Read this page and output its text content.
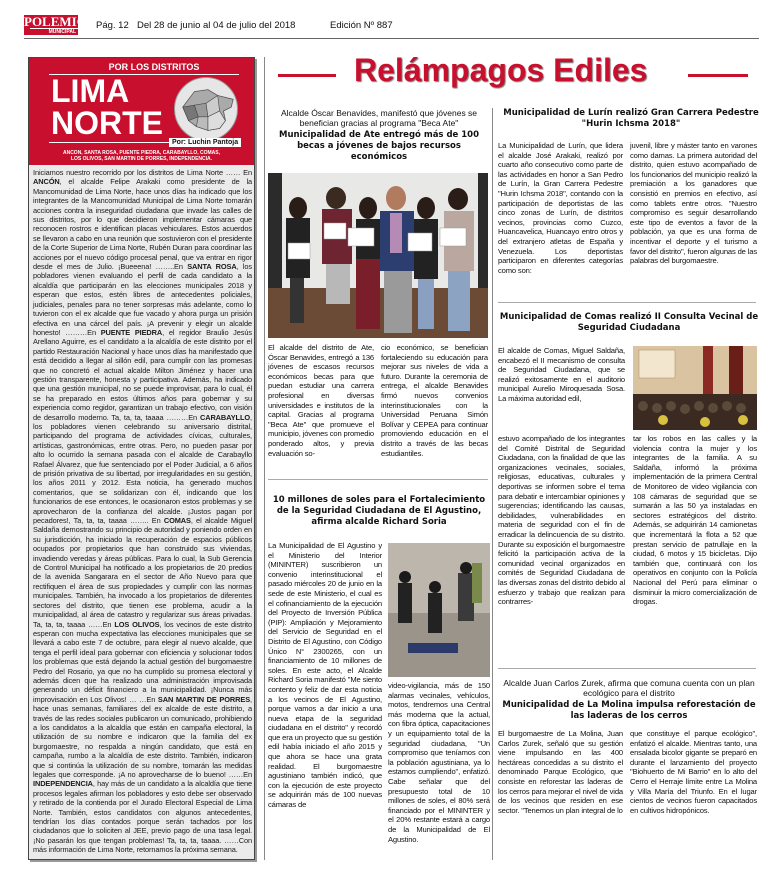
POLEMICA
MUNICIPAL
Pág. 12 Del 28 de junio al 04 de julio del 2018	Edición Nº 887
POR LOS DISTRITOS
LIMA
NORTE
Por: Luchin Pantoja
ANCON, SANTA ROSA, PUENTE PIEDRA, CARABAYLLO, COMAS,
LOS OLIVOS, SAN MARTIN DE PORRES, INDEPENDENCIA.
Iniciamos nuestro recorrido por los distritos de Lima Norte …… En ANCÓN, el alcalde Felipe Arakaki como presidente de la Mancomunidad de Lima Norte, hace unos días ha indicado que los integrantes de la Mancomunidad Municipal de Lima Norte tomarán acciones contra la inseguridad ciudadana que invade las calles de sus distritos, por lo que decidieron implementar cámaras que reconocen rostros e identifican placas vehiculares. Estos acuerdos se llevaron a cabo en una reunión que sostuvieron con el presidente de la Corte Superior de Lima Norte, Rubén Duran para coordinar las acciones por el nuevo código procesal penal, que va entrar en rigor desde el mes de Julio. ¡Bueeena! ……..En SANTA ROSA, los pobladores vienen evaluando el perfil de cada candidato a la alcaldía que participarán en las elecciones municipales 2018 y esperan que estos, estén libres de antecedentes policiales, judiciales, penales para no tener sorpresas más adelante, como lo tuvieron con el ex alcalde que fue vacado y ahora purga un prisión efectiva en una cárcel del país. ¡A prevenir y elegir un alcalde honesto! ………En PUENTE PIEDRA, el regidor Braulio Jesús Arellano Aguirre, es el candidato a la alcaldía de este distrito por el partido Restauración Nacional y hace unos días ha manifestado que está decidido a llegar al sillón edil, para cumplir con las promesas que no concretó el actual alcalde Milton Jiménez y hacer una gestión transparente, honesta y participativa. Además, ha indicado que una gestión municipal, no se puede improvisar, para lo cual, él se ha preparado en estos últimos años para gobernar y su experiencia como regidor, garantizan un trabajo efectivo, con visión de desarrollo moderno. Ta, ta, ta, taaaa ………En CARABAYLLO, los pobladores vienen celebrando su aniversario distrital, participando del programa de actividades cívicas, culturales, artísticas, gastronómicas, entre otras. Pero, no pueden pasar por alto lo ocurrido la semana pasada con el alcalde de Carabayllo Rafael Álvarez, que fue sentenciado por el Poder Judicial, a 6 años de prisión privativa de su libertad, por irregularidades en su gestión, los años 2011 y 2012. Esta noticia, ha generado muchos comentarios, que se solidarizan con él, indicando que los funcionarios de ese entonces, le ocasionaron estos problemas y se aprovecharon de la confianza del alcalde. ¡Justos pagan por pecadores!, Ta, ta, ta, taaaa …….. En COMAS, el alcalde Miguel Saldaña demostrando su principio de autoridad y poniendo orden en su jurisdicción, ha iniciado la recuperación de espacios públicos ocupados por propietarios que han construido sus viviendas, invadiendo veredas y áreas públicas. Para lo cual, la Sub Gerencia de Control Municipal ha notificado a los propietarios de 20 predios de la avenida Sangarara en el sector de Año Nuevo para que rectifiquen el área de sus propiedades y cumplir con las normas municipales. También, ha invocado a los propietarios de diferentes sectores del distrito, que tienen ese problema, acudir a la municipalidad, al área de catastro y regularizar sus áreas privadas. Ta, ta, ta, taaaa ……En LOS OLIVOS, los vecinos de este distrito esperan con mucha expectativa las elecciones municipales que se llevará a cabo este 7 de octubre, para elegir al nuevo alcalde, que tenga el perfil ideal para gobernar con eficiencia y solucionar todos los problemas que está dejando la actual gestión del burgomaestre Pedro del Rosario, ya que no ha cumplido su promesa electoral y además dicen que ha realizado una administración improvisada generando un déficit financiero a la municipalidad. ¡Nunca más improvisación en Los Olivos! … …En SAN MARTIN DE PORRES, hace unas semanas, familiares del ex alcalde de este distrito, a través de las redes sociales publicaron un comunicado, prohibiendo a los candidatos a la alcaldía que están en campaña electoral, la utilización de su nombre e indicaron que la familia del ex burgomaestre, no respalda a ningún candidato, que está en campaña, rumbo a la alcaldía de este distrito. También, indicaron que si continúa la utilización de su nombre, tomarán las medidas legales que corresponde. ¡A no aprovecharse de lo bueno! ……En INDEPENDENCIA, hay más de un candidato a la alcaldía que tiene procesos legales afirman los pobladores y esto debe ser observado y retirado de la contienda por el Jurado Electoral Especial de Lima Norte. También, estos candidatos con algunos antecedentes, tendrían los días contados porque serán tachados por los ciudadanos que lo soliciten al JEE, previo pago de una tasa legal. ¡No pasarán los que tengan problemas! Ta, ta, ta, taaaa. ……Con más información de Lima Norte, retornamos la próxima semana.
Relámpagos Ediles
Alcalde Óscar Benavides, manifestó que jóvenes se benefician gracias al programa "Beca Ate"
Municipalidad de Ate entregó más de 100 becas a jóvenes de bajos recursos económicos
El alcalde del distrito de Ate, Óscar Benavides, entregó a 136 jóvenes de escasos recursos económicos becas para que puedan estudiar una carrera profesional en diversas universidades e institutos de la capital. Gracias al programa "Beca Ate" que promueve el municipio, jóvenes con promedio ponderado altos, y previa evaluación so-
cio económico, se benefician fortaleciendo su educación para mejorar sus niveles de vida a futuro. Durante la ceremonia de entrega, el alcalde Benavides firmó nuevos convenios interinstitucionales con la Universidad Peruana Simón Bolívar y CEPEA para continuar promoviendo educación en el distrito a través de las becas estudiantiles.
10 millones de soles para el Fortalecimiento de la Seguridad Ciudadana de El Agustino, afirma alcalde Richard Soria
La Municipalidad de El Agustino y el Ministerio del Interior (MININTER) suscribieron un convenio interinstitucional el pasado miércoles 20 de junio en la sede de este Ministerio, el cual es el cofinanciamiento de la ejecución del Proyecto de Inversión Pública (PIP): Ampliación y Mejoramiento del Servicio de Seguridad en el Distrito de El Agustino, con Código Único N° 2300265, con un financiamiento de 10 millones de soles. En este acto, el Alcalde Richard Soria manifestó "Me siento contento y feliz de dar esta noticia a los vecinos de El Agustino, porque vamos a dar inicio a una nueva etapa de la seguridad ciudadana en el distrito" y recordó que era un proyecto que su gestión edil había iniciado el año 2015 y que ahora se hace una grata realidad. El burgomaestre agustiniano también indicó, que con la ejecución de este proyecto se adquirirán más de 100 nuevas cámaras de
video-vigilancia, más de 150 alarmas vecinales, vehículos, motos, tendremos una Central más moderna que la actual, con fibra óptica, capacitaciones y un equipamiento total de la seguridad ciudadana, "Un compromiso que teníamos con la población agustiniana, ya lo estamos cumpliendo", enfatizó. Cabe señalar que del presupuesto total de 10 millones de soles, el 80% será financiado por el MININTER y el 20% restante estará a cargo de la Municipalidad de El Agustino.
Municipalidad de Lurín realizó Gran Carrera Pedestre "Hurin Ichsma 2018"
La Municipalidad de Lurín, que lidera el alcalde José Arakaki, realizó por cuarto año consecutivo como parte de las actividades en honor a San Pedro de Lurín, la Gran Carrera Pedestre "Hurin Ichsma 2018", contando con la participación de deportistas de las cinco zonas de Lurín, de distritos vecinos, provincias como Cuzco, Huancavelica, Huancayo entro otros y del extranjero atletas de España y Venezuela. Los deportistas participaron en diferentes categorías como son:
juvenil, libre y máster tanto en varones como damas. La primera autoridad del distrito, quien estuvo acompañado de los funcionarios del municipio realizó la premiación a los ganadores que consistió en premios en efectivo, así como tablets entre otros. "Nuestro compromiso es seguir desarrollando este tipo de eventos a favor de la población, ya que es una forma de incentivar el deporte y el turismo a favor del distrito", fueron algunas de las palabras del burgomaestre.
Municipalidad de Comas realizó II Consulta Vecinal de Seguridad Ciudadana
El alcalde de Comas, Miguel Saldaña, encabezó el II mecanismo de consulta de Seguridad Ciudadana, que se realizó exitosamente en el auditorio municipal Aurelio Miroquesada Sosa. La máxima autoridad edil,
estuvo acompañado de los integrantes del Comité Distrital de Seguridad Ciudadana, con la finalidad de que las organizaciones vecinales, sociales, religiosas, educativas, culturales y deportivas se informen sobre el tema para debatir e intercambiar opiniones y sugerencias; identificando las causas, debilidades, vulnerabilidades en materia de seguridad con el fin de erradicar la delincuencia de su distrito. Durante su exposición el burgomaestre felicitó la participación activa de la comunidad vecinal organizados en comités de Seguridad Ciudadana de las diversas zonas del distrito debido al esfuerzo y trabajo que realizan para contrarres-
tar los robos en las calles y la violencia contra la mujer y los integrantes de la familia. A su Saldaña, informó la próxima implementación de la primera Central de Monitoreo de video vigilancia con 108 cámaras de seguridad que se sumarán a las 50 ya instaladas en sectores estratégicos del distrito. Además, se adquirirán 14 camionetas que incrementará la flota a 52 que prestan servicio de patrullaje en la ciudad, 6 motos y 15 bicicletas. Dijo también que, continuará con los operativos en conjunto con la Policía Nacional del Perú para eliminar o disminuir la micro comercialización de drogas.
Alcalde Juan Carlos Zurek, afirma que comuna cuenta con un plan ecológico para el distrito
Municipalidad de La Molina impulsa reforestación de las laderas de los cerros
El burgomaestre de La Molina, Juan Carlos Zurek, señaló que su gestión viene impulsando en las 400 hectáreas concedidas a su distrito el denominado Parque Ecológico, que consiste en reforestar las laderas de los cerros para mejorar el nivel de vida de los vecinos que residen en ese sector. "Tenemos un plan integral de lo
que constituye el parque ecológico", enfatizó el alcalde. Mientras tanto, una ensalada bicolor gigante se preparó en durante el lanzamiento del proyecto "Biohuerto de Mi Barrio" en lo alto del Cerro el Herraje límite entre La Molina y Villa María del Triunfo. En el lugar cientos de vecinos fueron capacitados en cultivos hidropónicos.
